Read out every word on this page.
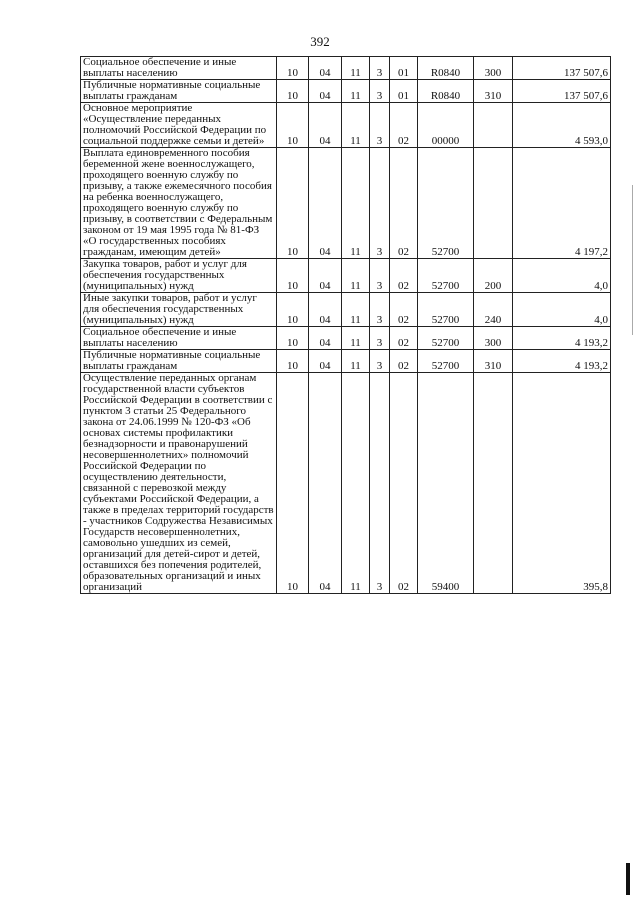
392
Социальное обеспечение и иные выплаты населению	10	04	11	3	01	R0840	300	137 507,6
Публичные нормативные социальные выплаты гражданам	10	04	11	3	01	R0840	310	137 507,6
Основное мероприятие «Осуществление переданных полномочий Российской Федерации по социальной поддержке семьи и детей»	10	04	11	3	02	00000		4 593,0
Выплата единовременного пособия беременной жене военнослужащего, проходящего военную службу по призыву, а также ежемесячного пособия на ребенка военнослужащего, проходящего военную службу по призыву, в соответствии с Федеральным законом от 19 мая 1995 года № 81-ФЗ «О государственных пособиях гражданам, имеющим детей»	10	04	11	3	02	52700		4 197,2
Закупка товаров, работ и услуг для обеспечения государственных (муниципальных) нужд	10	04	11	3	02	52700	200	4,0
Иные закупки товаров, работ и услуг для обеспечения государственных (муниципальных) нужд	10	04	11	3	02	52700	240	4,0
Социальное обеспечение и иные выплаты населению	10	04	11	3	02	52700	300	4 193,2
Публичные нормативные социальные выплаты гражданам	10	04	11	3	02	52700	310	4 193,2
Осуществление переданных органам государственной власти субъектов Российской Федерации в соответствии с пунктом 3 статьи 25 Федерального закона от 24.06.1999 № 120-ФЗ «Об основах системы профилактики безнадзорности и правонарушений несовершеннолетних» полномочий Российской Федерации по осуществлению деятельности, связанной с перевозкой между субъектами Российской Федерации, а также в пределах территорий государств - участников Содружества Независимых Государств несовершеннолетних, самовольно ушедших из семей, организаций для детей-сирот и детей, оставшихся без попечения родителей, образовательных организаций и иных организаций	10	04	11	3	02	59400		395,8
